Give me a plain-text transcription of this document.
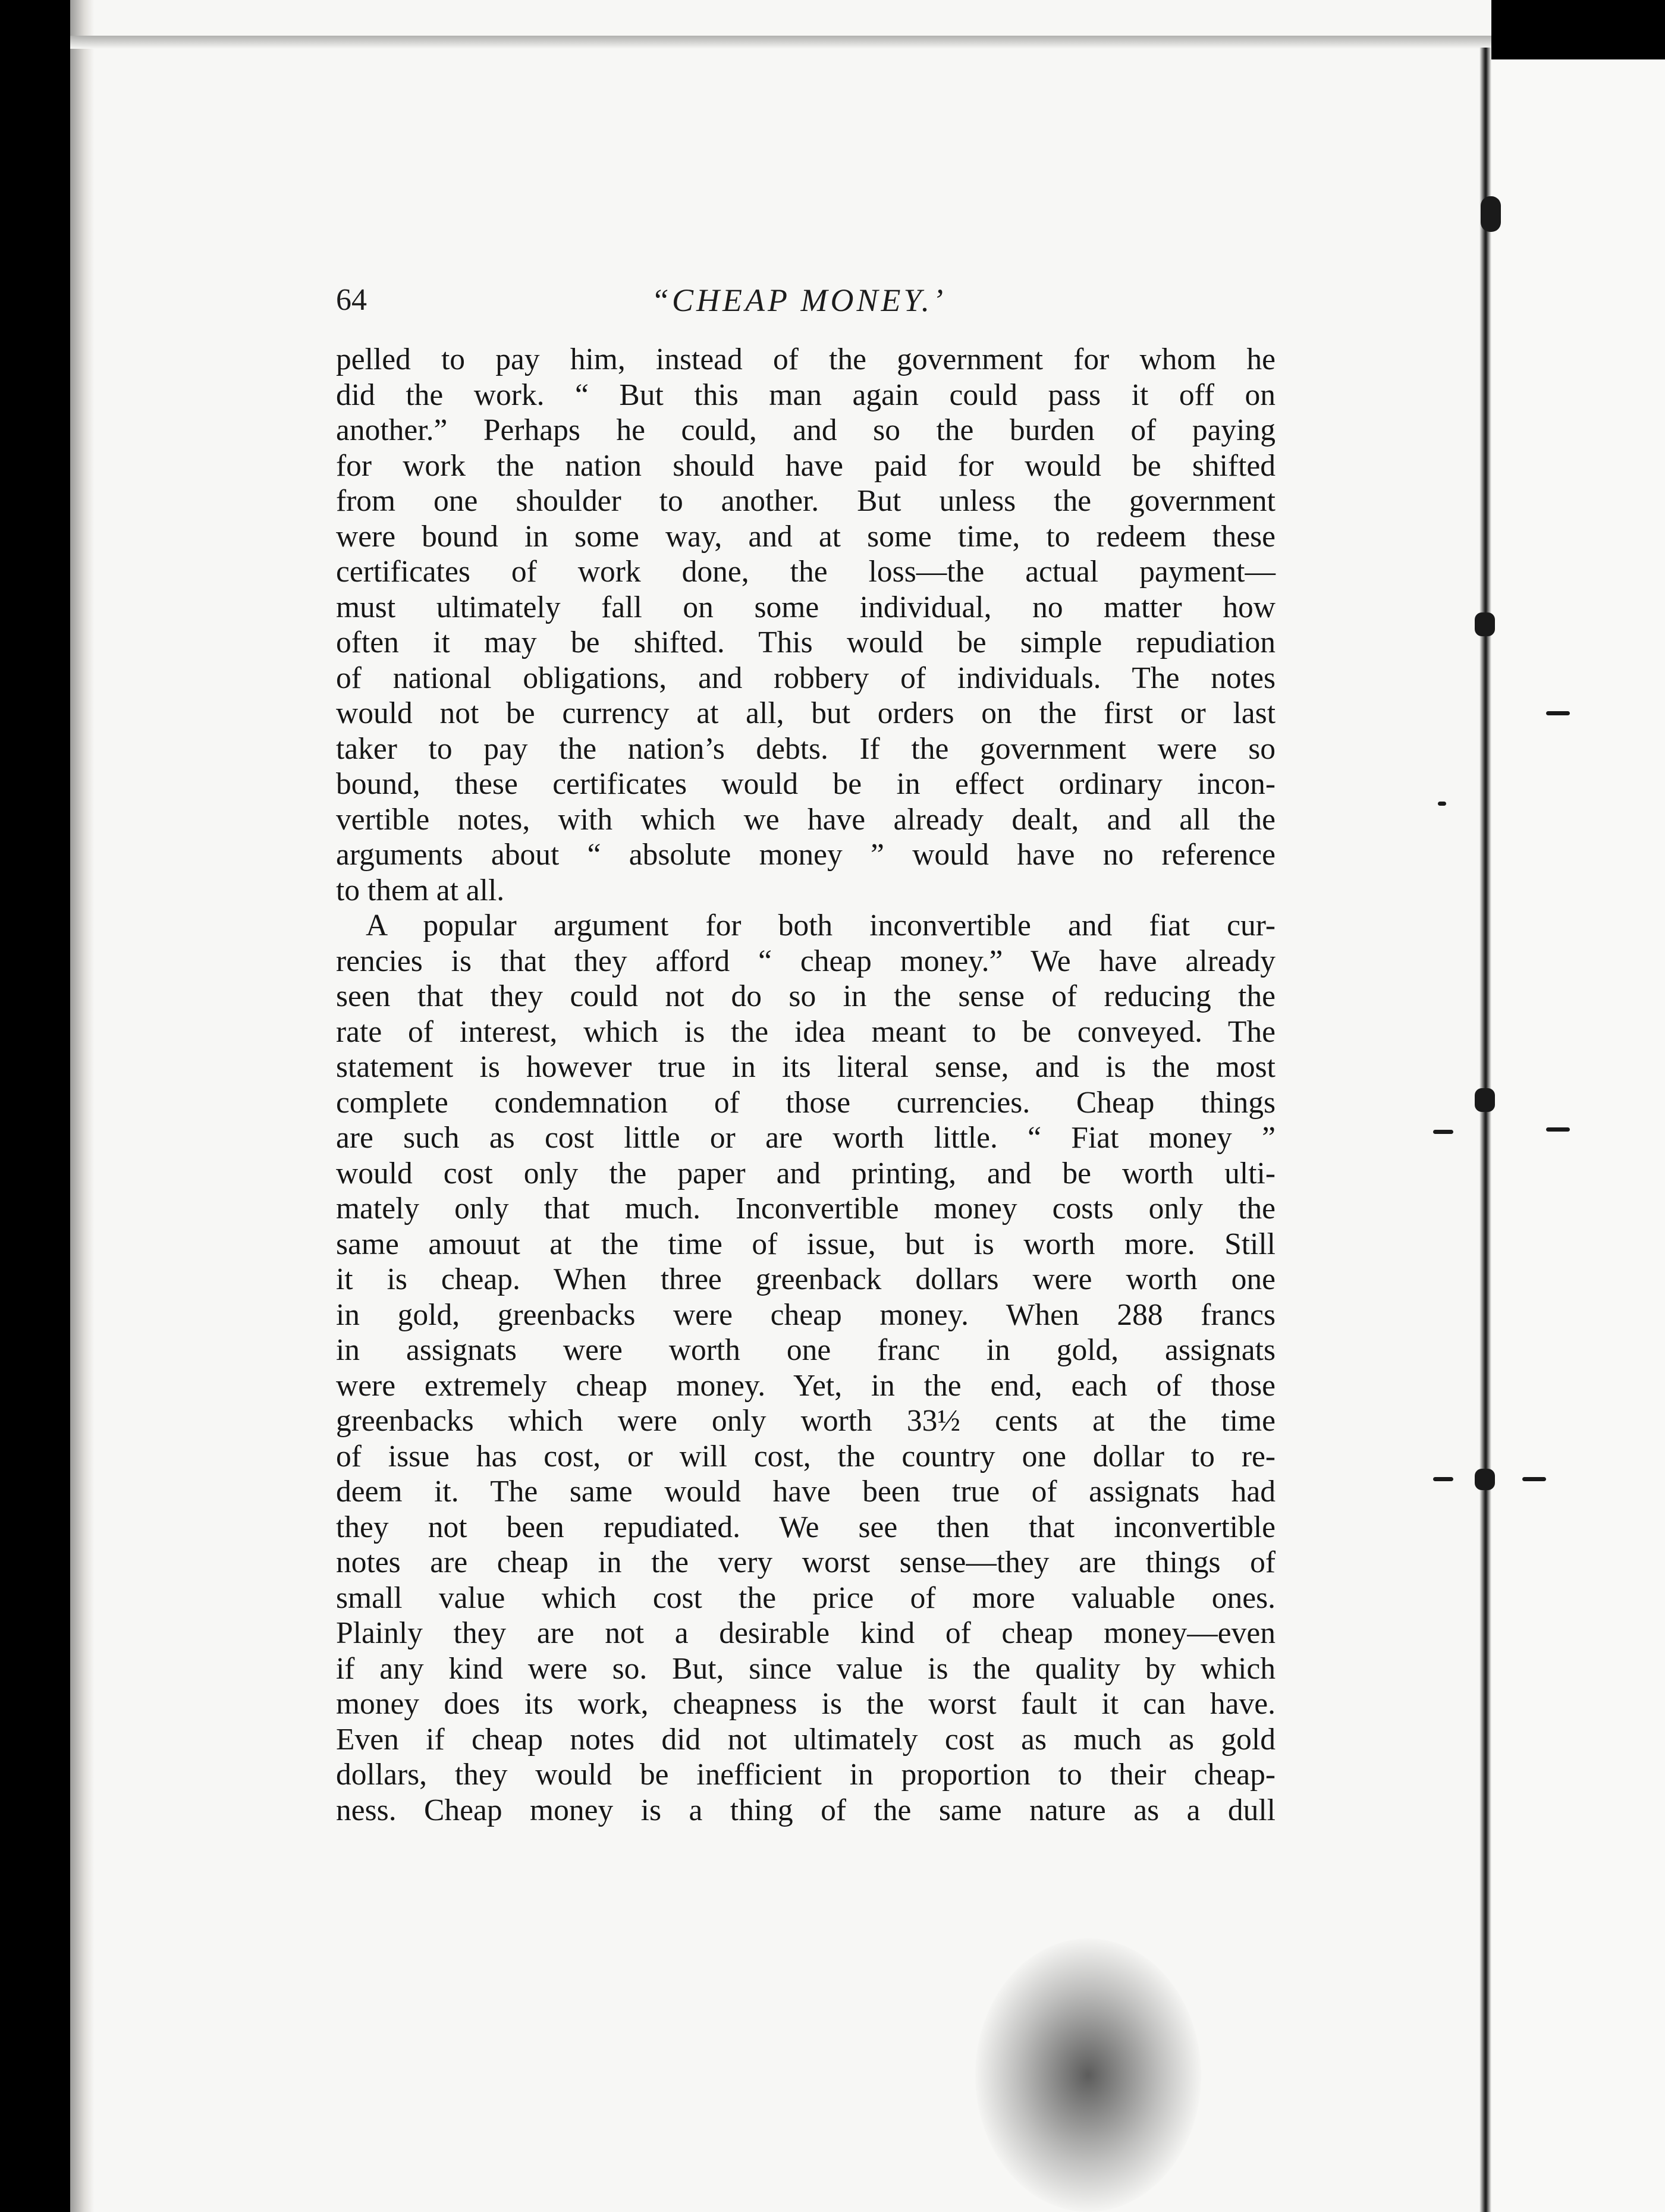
64	“CHEAP MONEY.’
pelled to pay him, instead of the government for whom he
did the work. “ But this man again could pass it off on
another.” Perhaps he could, and so the burden of paying
for work the nation should have paid for would be shifted
from one shoulder to another. But unless the government
were bound in some way, and at some time, to redeem these
certificates of work done, the loss—the actual payment—
must ultimately fall on some individual, no matter how
often it may be shifted. This would be simple repudiation
of national obligations, and robbery of individuals. The notes
would not be currency at all, but orders on the first or last
taker to pay the nation’s debts. If the government were so
bound, these certificates would be in effect ordinary incon-
vertible notes, with which we have already dealt, and all the
arguments about “ absolute money ” would have no reference
to them at all.
A popular argument for both inconvertible and fiat cur-
rencies is that they afford “ cheap money.” We have already
seen that they could not do so in the sense of reducing the
rate of interest, which is the idea meant to be conveyed. The
statement is however true in its literal sense, and is the most
complete condemnation of those currencies. Cheap things
are such as cost little or are worth little. “ Fiat money ”
would cost only the paper and printing, and be worth ulti-
mately only that much. Inconvertible money costs only the
same amouut at the time of issue, but is worth more. Still
it is cheap. When three greenback dollars were worth one
in gold, greenbacks were cheap money. When 288 francs
in assignats were worth one franc in gold, assignats
were extremely cheap money. Yet, in the end, each of those
greenbacks which were only worth 33½ cents at the time
of issue has cost, or will cost, the country one dollar to re-
deem it. The same would have been true of assignats had
they not been repudiated. We see then that inconvertible
notes are cheap in the very worst sense—they are things of
small value which cost the price of more valuable ones.
Plainly they are not a desirable kind of cheap money—even
if any kind were so. But, since value is the quality by which
money does its work, cheapness is the worst fault it can have.
Even if cheap notes did not ultimately cost as much as gold
dollars, they would be inefficient in proportion to their cheap-
ness. Cheap money is a thing of the same nature as a dull
